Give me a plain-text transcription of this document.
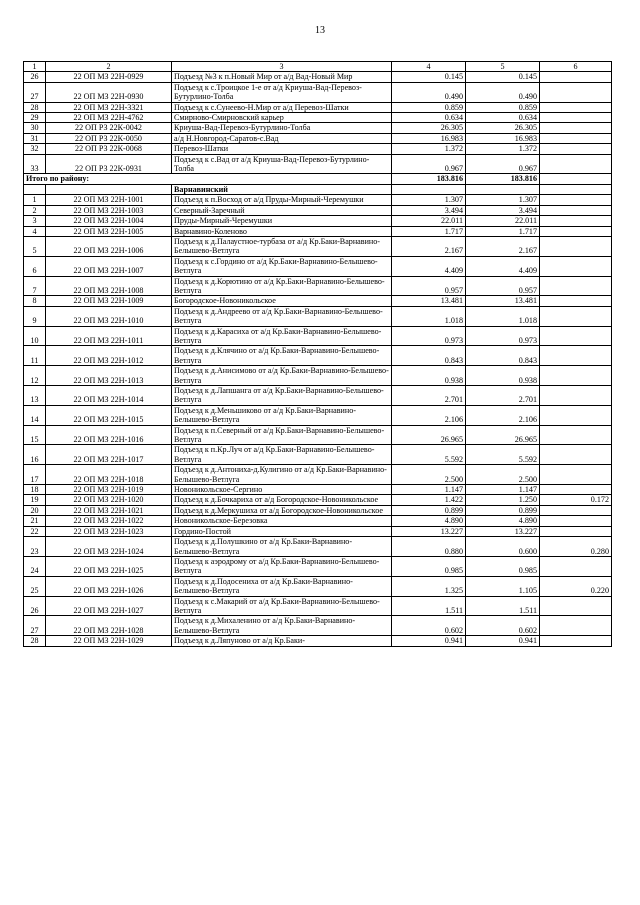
13
1	2	3	4	5	6
26	22 ОП МЗ 22Н-0929	Подъезд №3 к п.Новый Мир от а/д Вад-Новый Мир	0.145	0.145	
27	22 ОП МЗ 22Н-0930	Подъезд к с.Троицкое 1-е от а/д Криуша-Вад-Перевоз-Бутурлино-Толба	0.490	0.490	
28	22 ОП МЗ 22Н-3321	Подъезд к с.Сунеево-Н.Мир от а/д Перевоз-Шатки	0.859	0.859	
29	22 ОП МЗ 22Н-4762	Смирново-Смирновский карьер	0.634	0.634	
30	22 ОП РЗ 22К-0042	Криуша-Вад-Перевоз-Бутурлино-Толба	26.305	26.305	
31	22 ОП РЗ 22К-0050	а/д Н.Новгород-Саратов-с.Вад	16.983	16.983	
32	22 ОП РЗ 22К-0068	Перевоз-Шатки	1.372	1.372	
33	22 ОП РЗ 22К-0931	Подъезд к с.Вад от а/д Криуша-Вад-Перевоз-Бутурлино-Толба	0.967	0.967	
Итого по району:			183.816	183.816	
		Варнавинский			
1	22 ОП МЗ 22Н-1001	Подъезд к п.Восход от а/д Пруды-Мирный-Черемушки	1.307	1.307	
2	22 ОП МЗ 22Н-1003	Северный-Заречный	3.494	3.494	
3	22 ОП МЗ 22Н-1004	Пруды-Мирный-Черемушки	22.011	22.011	
4	22 ОП МЗ 22Н-1005	Варнавино-Коленово	1.717	1.717	
5	22 ОП МЗ 22Н-1006	Подъезд к д.Палаустное-турбаза от а/д Кр.Баки-Варнавино-Белышево-Ветлуга	2.167	2.167	
6	22 ОП МЗ 22Н-1007	Подъезд к с.Гордино от а/д Кр.Баки-Варнавино-Белышево-Ветлуга	4.409	4.409	
7	22 ОП МЗ 22Н-1008	Подъезд к д.Корютино от а/д Кр.Баки-Варнавино-Белышево-Ветлуга	0.957	0.957	
8	22 ОП МЗ 22Н-1009	Богородское-Новоникольское	13.481	13.481	
9	22 ОП МЗ 22Н-1010	Подъезд к д.Андреево от а/д Кр.Баки-Варнавино-Белышево-Ветлуга	1.018	1.018	
10	22 ОП МЗ 22Н-1011	Подъезд к д.Карасиха от а/д Кр.Баки-Варнавино-Белышево-Ветлуга	0.973	0.973	
11	22 ОП МЗ 22Н-1012	Подъезд к д.Клячино от а/д Кр.Баки-Варнавино-Белышево-Ветлуга	0.843	0.843	
12	22 ОП МЗ 22Н-1013	Подъезд к д.Анисимово от а/д Кр.Баки-Варнавино-Белышево-Ветлуга	0.938	0.938	
13	22 ОП МЗ 22Н-1014	Подъезд к д.Лапшанга от а/д Кр.Баки-Варнавино-Белышево-Ветлуга	2.701	2.701	
14	22 ОП МЗ 22Н-1015	Подъезд к д.Меньшиково от а/д Кр.Баки-Варнавино-Белышево-Ветлуга	2.106	2.106	
15	22 ОП МЗ 22Н-1016	Подъезд к п.Северный от а/д Кр.Баки-Варнавино-Белышево-Ветлуга	26.965	26.965	
16	22 ОП МЗ 22Н-1017	Подъезд к п.Кр.Луч от а/д Кр.Баки-Варнавино-Белышево-Ветлуга	5.592	5.592	
17	22 ОП МЗ 22Н-1018	Подъезд к д.Антониха-д.Кулигино от а/д Кр.Баки-Варнавино-Белышево-Ветлуга	2.500	2.500	
18	22 ОП МЗ 22Н-1019	Новоникольское-Сергино	1.147	1.147	
19	22 ОП МЗ 22Н-1020	Подъезд к д.Бочкариха от а/д Богородское-Новоникольское	1.422	1.250	0.172
20	22 ОП МЗ 22Н-1021	Подъезд к д.Меркушиха от а/д Богородское-Новоникольское	0.899	0.899	
21	22 ОП МЗ 22Н-1022	Новоникольское-Березовка	4.890	4.890	
22	22 ОП МЗ 22Н-1023	Гордино-Постой	13.227	13.227	
23	22 ОП МЗ 22Н-1024	Подъезд к д.Полушкино от а/д Кр.Баки-Варнавино-Белышево-Ветлуга	0.880	0.600	0.280
24	22 ОП МЗ 22Н-1025	Подъезд к аэродрому от а/д Кр.Баки-Варнавино-Белышево-Ветлуга	0.985	0.985	
25	22 ОП МЗ 22Н-1026	Подъезд к д.Подосениха от а/д Кр.Баки-Варнавино-Белышево-Ветлуга	1.325	1.105	0.220
26	22 ОП МЗ 22Н-1027	Подъезд к с.Макарий от а/д Кр.Баки-Варнавино-Белышево-Ветлуга	1.511	1.511	
27	22 ОП МЗ 22Н-1028	Подъезд к д.Михаленино от а/д Кр.Баки-Варнавино-Белышево-Ветлуга	0.602	0.602	
28	22 ОП МЗ 22Н-1029	Подъезд к д.Ляпуново от а/д Кр.Баки-	0.941	0.941	
